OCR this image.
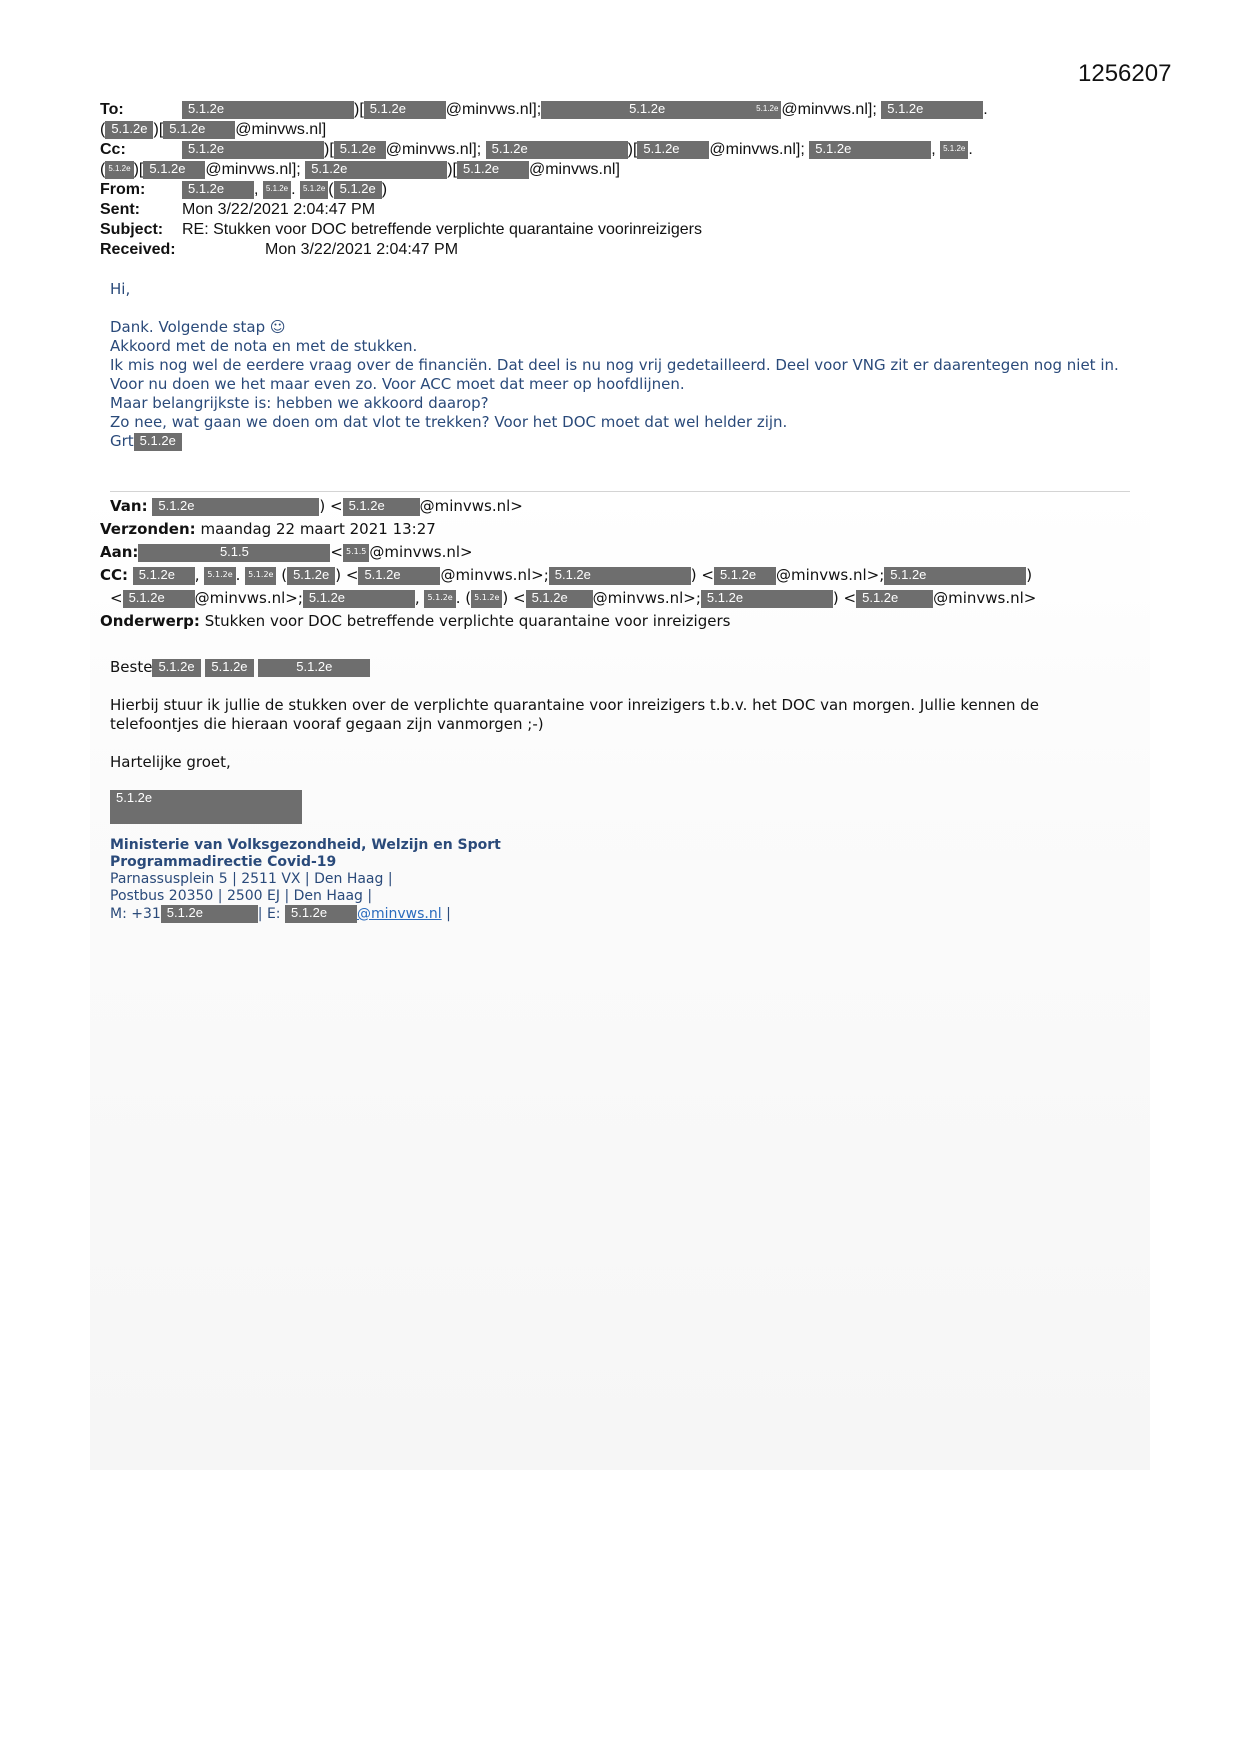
1256207
To:	5.1.2e	)[ 5.1.2e @minvws.nl];	5.1.2e	5.1.2e @minvws.nl]; 5.1.2e	.
( 5.1.2e )[ 5.1.2e @minvws.nl]
Cc:	5.1.2e	)[ 5.1.2e @minvws.nl]; 5.1.2e	)[ 5.1.2e @minvws.nl]; 5.1.2e	, 5.1.2e .
( 5.1.2e )[ 5.1.2e @minvws.nl]; 5.1.2e	)[ 5.1.2e @minvws.nl]
From:	5.1.2e , 5.1.2e . 5.1.2e ( 5.1.2e )
Sent:	Mon 3/22/2021 2:04:47 PM
Subject: RE: Stukken voor DOC betreffende verplichte quarantaine voorinreizigers
Received:	Mon 3/22/2021 2:04:47 PM

Hi,

Dank. Volgende stap ☺

Akkoord met de nota en met de stukken.

Ik mis nog wel de eerdere vraag over de financiën. Dat deel is nu nog vrij gedetailleerd. Deel voor VNG zit er daarentegen nog niet in. Voor nu doen we het maar even zo. Voor ACC moet dat meer op hoofdlijnen.

Maar belangrijkste is: hebben we akkoord daarop?

Zo nee, wat gaan we doen om dat vlot te trekken? Voor het DOC moet dat wel helder zijn.

Grt 5.1.2e

Van: 5.1.2e	) < 5.1.2e @minvws.nl>
Verzonden: maandag 22 maart 2021 13:27
Aan:	5.1.5	< 5.1.5 @minvws.nl>
CC: 5.1.2e , 5.1.2e . 5.1.2e ( 5.1.2e ) < 5.1.2e	@minvws.nl>; 5.1.2e	) < 5.1.2e @minvws.nl>; 5.1.2e	)
< 5.1.2e @minvws.nl>; 5.1.2e	, 5.1.2e . ( 5.1.2e ) < 5.1.2e @minvws.nl>; 5.1.2e	) < 5.1.2e @minvws.nl>
Onderwerp: Stukken voor DOC betreffende verplichte quarantaine voor inreizigers

Beste 5.1.2e 5.1.2e	5.1.2e

Hierbij stuur ik jullie de stukken over de verplichte quarantaine voor inreizigers t.b.v. het DOC van morgen. Jullie kennen de telefoontjes die hieraan vooraf gegaan zijn vanmorgen ;-)

Hartelijke groet,

5.1.2e
Ministerie van Volksgezondheid, Welzijn en Sport
Programmadirectie Covid-19
Parnassusplein 5 | 2511 VX | Den Haag |
Postbus 20350 | 2500 EJ | Den Haag |
M: +31 5.1.2e	| E: 5.1.2e @minvws.nl |
